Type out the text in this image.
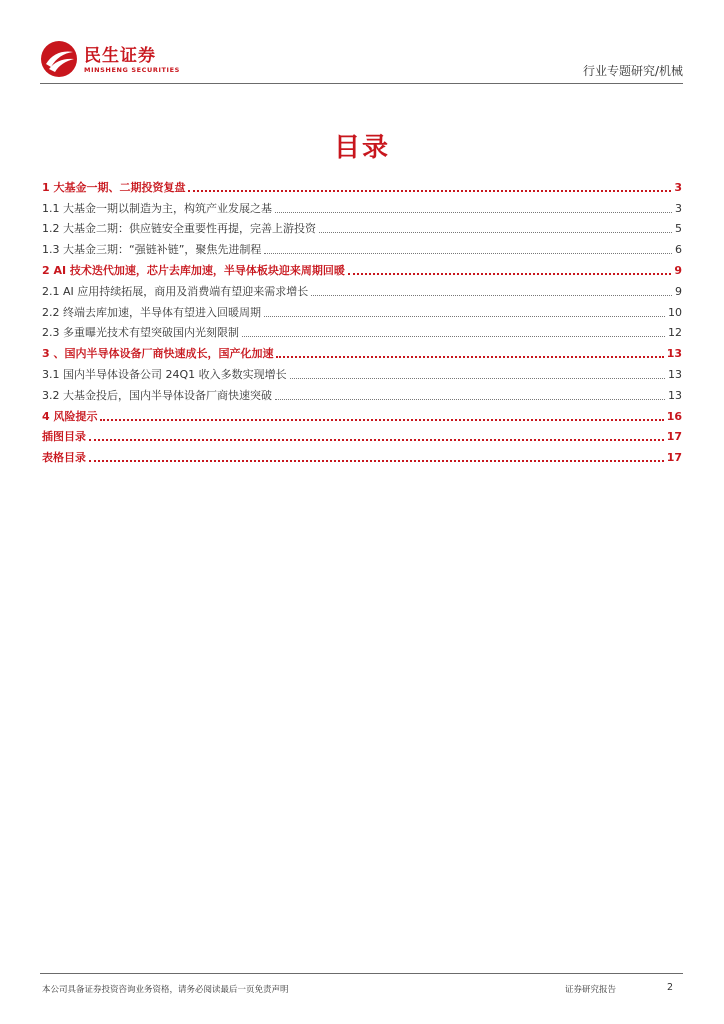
民生证券
MINSHENG SECURITIES	行业专题研究/机械
目录
1 大基金一期、二期投资复盘	3
1.1 大基金一期以制造为主，构筑产业发展之基	3
1.2 大基金二期：供应链安全重要性再提，完善上游投资	5
1.3 大基金三期：“强链补链”，聚焦先进制程	6
2 AI 技术迭代加速，芯片去库加速，半导体板块迎来周期回暖	9
2.1 AI 应用持续拓展，商用及消费端有望迎来需求增长	9
2.2 终端去库加速，半导体有望进入回暖周期	10
2.3 多重曝光技术有望突破国内光刻限制	12
3 、国内半导体设备厂商快速成长，国产化加速	13
3.1 国内半导体设备公司 24Q1 收入多数实现增长	13
3.2 大基金投后，国内半导体设备厂商快速突破	13
4 风险提示	16
插图目录	17
表格目录	17
本公司具备证券投资咨询业务资格，请务必阅读最后一页免责声明	证券研究报告	2
